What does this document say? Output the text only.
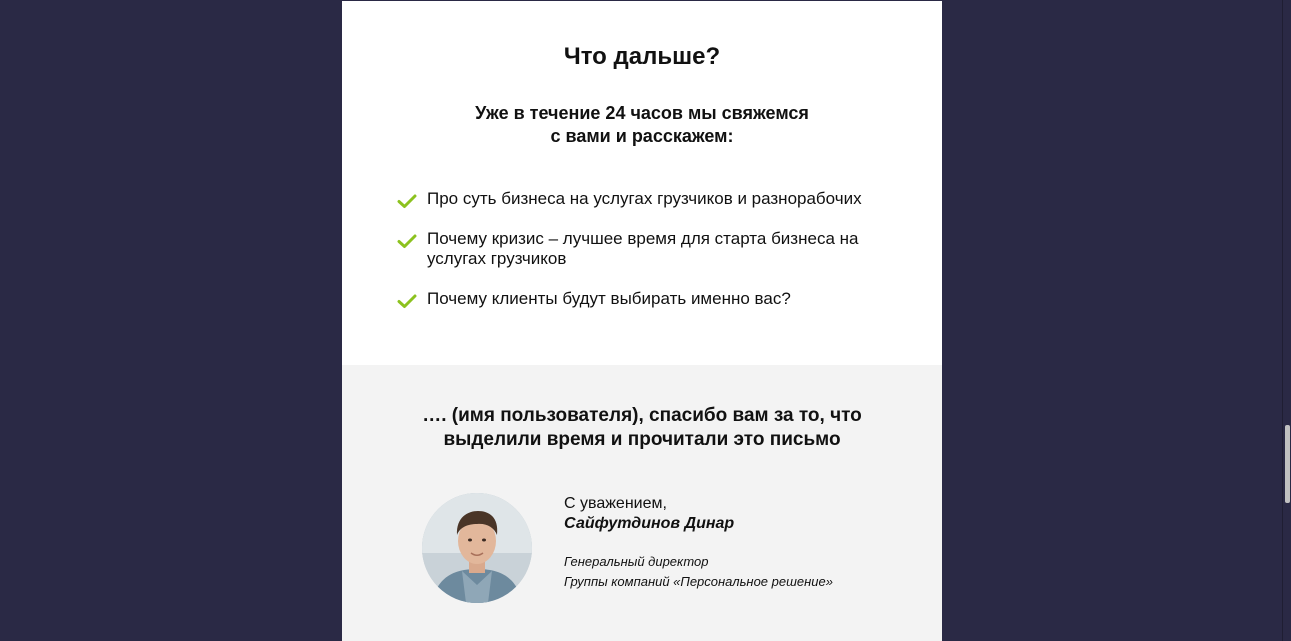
Что дальше?
Уже в течение 24 часов мы свяжемся
с вами и расскажем:
Про суть бизнеса на услугах грузчиков и разнорабочих
Почему кризис – лучшее время для старта бизнеса на услугах грузчиков
Почему клиенты будут выбирать именно вас?
…. (имя пользователя), спасибо вам за то, что
выделили время и прочитали это письмо
С уважением,
Сайфутдинов Динар
Генеральный директор
Группы компаний «Персональное решение»
